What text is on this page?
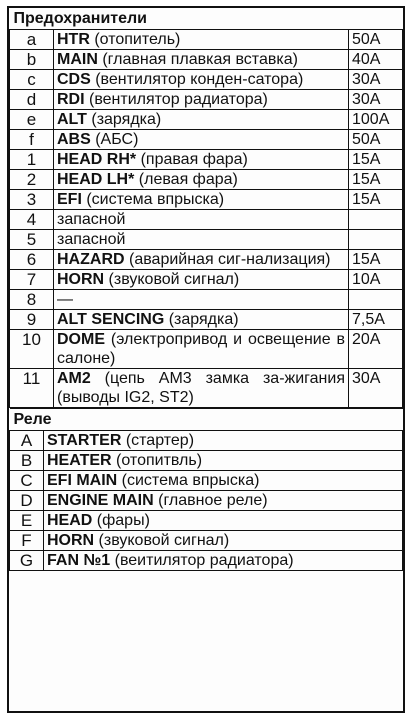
Предохранители		
a	HTR (отопитель)	50A
b	MAIN (главная плавкая вставка)	40A
c	CDS (вентилятор конден-сатора)	30A
d	RDI (вентилятор радиатора)	30A
e	ALT (зарядка)	100A
f	ABS (АБС)	50A
1	HEAD RH* (правая фара)	15A
2	HEAD LH* (левая фара)	15A
3	EFI (система впрыска)	15A
4	запасной	
5	запасной	
6	HAZARD (аварийная сиг-нализация)	15A
7	HORN (звуковой сигнал)	10A
8	—	
9	ALT SENCING (зарядка)	7,5A
10	DOME (электропривод и освещение в салоне)	20A
11	AM2 (цепь AM3 замка за-жигания (выводы IG2, ST2)	30A
Реле	
A	STARTER (стартер)
B	HEATER (отопитвль)
C	EFI MAIN (система впрыска)
D	ENGINE MAIN (главное реле)
E	HEAD (фары)
F	HORN (звуковой сигнал)
G	FAN №1 (веитилятор радиатора)
